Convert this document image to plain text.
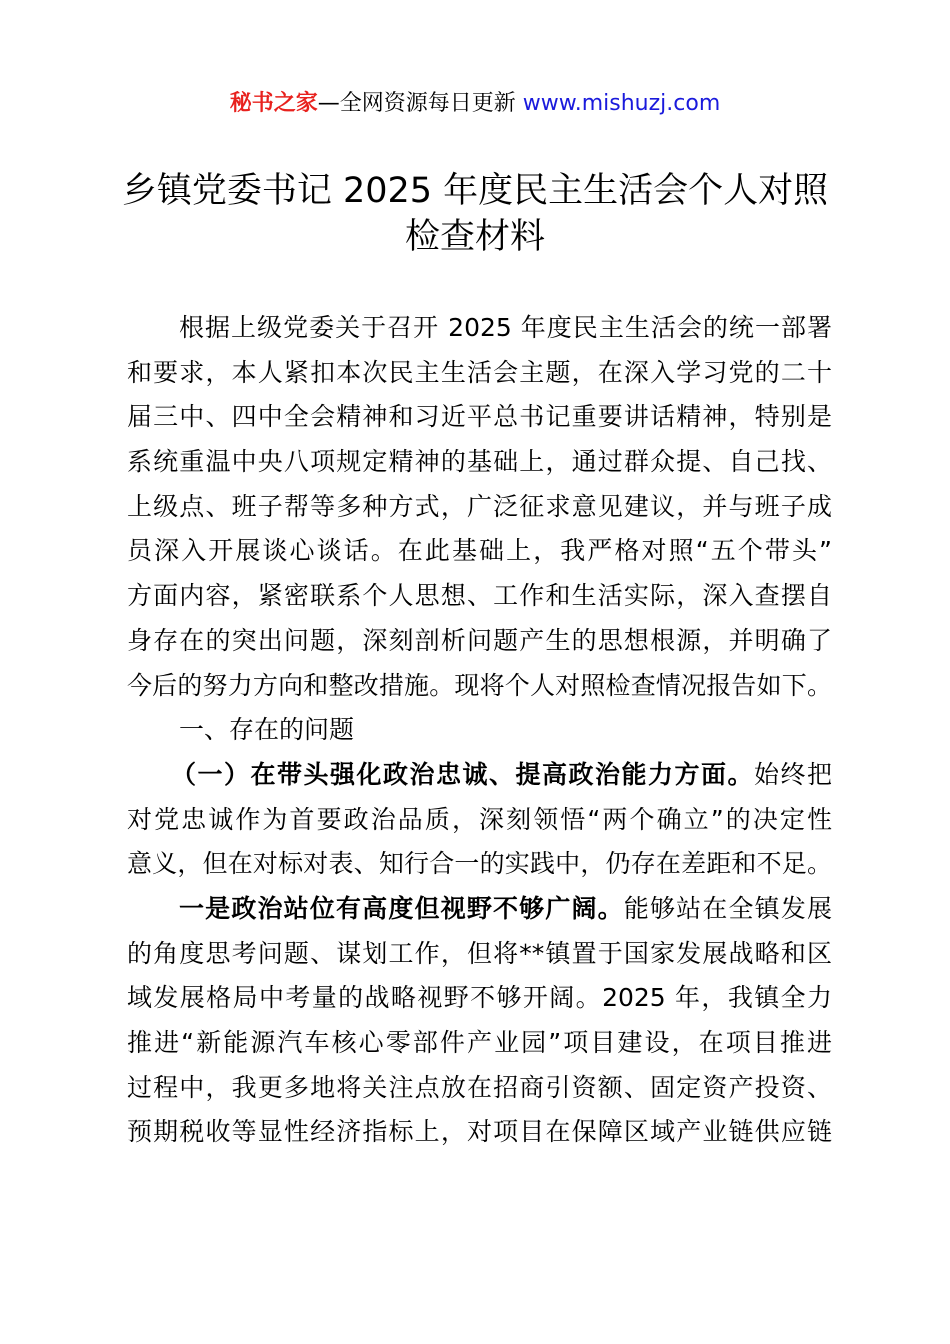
秘书之家—全网资源每日更新 www.mishuzj.com
乡镇党委书记 2025 年度民主生活会个人对照
检查材料
根据上级党委关于召开 2025 年度民主生活会的统一部署
和要求，本人紧扣本次民主生活会主题，在深入学习党的二十
届三中、四中全会精神和习近平总书记重要讲话精神，特别是
系统重温中央八项规定精神的基础上，通过群众提、自己找、
上级点、班子帮等多种方式，广泛征求意见建议，并与班子成
员深入开展谈心谈话。在此基础上，我严格对照“五个带头”
方面内容，紧密联系个人思想、工作和生活实际，深入查摆自
身存在的突出问题，深刻剖析问题产生的思想根源，并明确了
今后的努力方向和整改措施。现将个人对照检查情况报告如下。
一、存在的问题
（一）在带头强化政治忠诚、提高政治能力方面。始终把
对党忠诚作为首要政治品质，深刻领悟“两个确立”的决定性
意义，但在对标对表、知行合一的实践中，仍存在差距和不足。
一是政治站位有高度但视野不够广阔。能够站在全镇发展
的角度思考问题、谋划工作，但将**镇置于国家发展战略和区
域发展格局中考量的战略视野不够开阔。2025 年，我镇全力
推进“新能源汽车核心零部件产业园”项目建设，在项目推进
过程中，我更多地将关注点放在招商引资额、固定资产投资、
预期税收等显性经济指标上，对项目在保障区域产业链供应链
